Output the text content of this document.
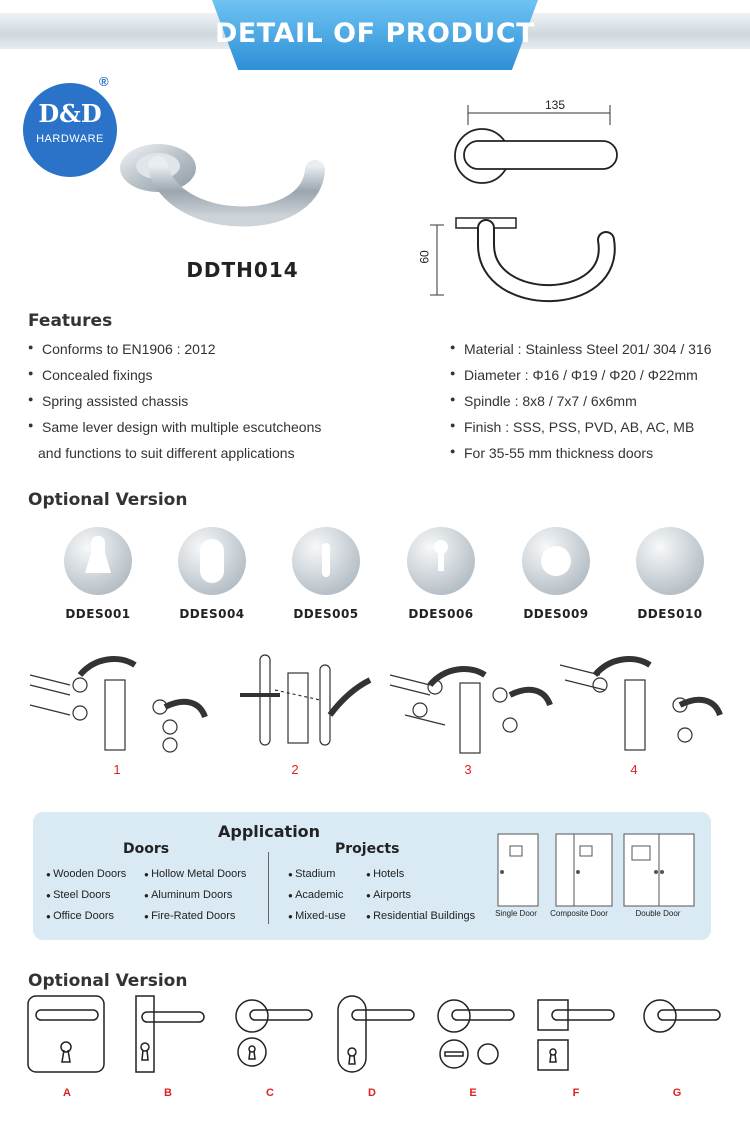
DETAIL OF PRODUCT
D&D
HARDWARE
®
DDTH014
135
60
Features
● Conforms to EN1906 : 2012
● Concealed fixings
● Spring assisted chassis
● Same lever design with multiple escutcheons
and functions to suit different applications
● Material : Stainless Steel 201/ 304 / 316
● Diameter : Φ16 / Φ19 / Φ20 / Φ22mm
● Spindle : 8x8 / 7x7 / 6x6mm
● Finish : SSS, PSS, PVD, AB, AC, MB
● For 35-55 mm thickness doors
Optional Version
DDES001	DDES004	DDES005	DDES006	DDES009	DDES010
1	2	3	4
Application
Doors	Projects
● Wooden Doors	● Hollow Metal Doors
● Steel Doors	● Aluminum Doors
● Office Doors	● Fire-Rated Doors
● Stadium	● Hotels
● Academic	● Airports
● Mixed-use	● Residential Buildings Single Door Composite Door	Double Door
Optional Version
A	B	C	D	E	F	G
